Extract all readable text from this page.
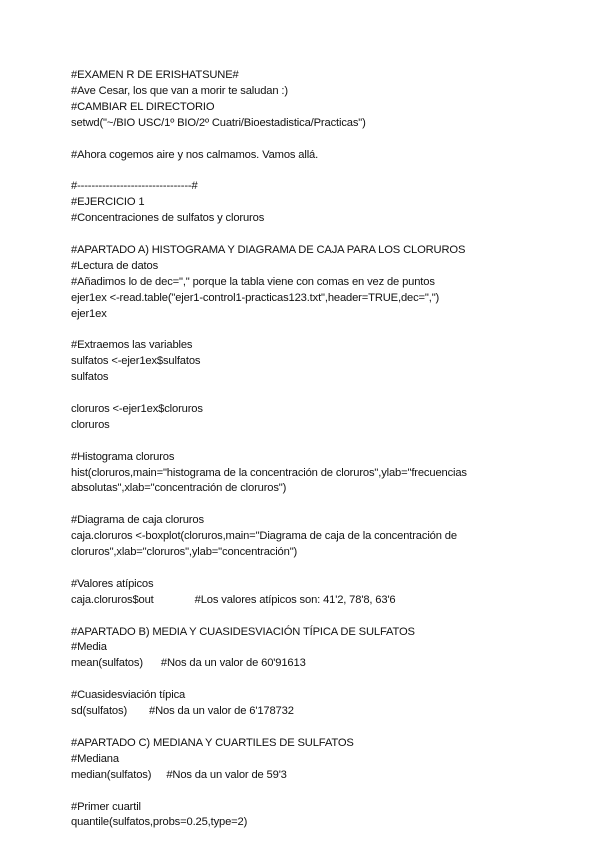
#EXAMEN R DE ERISHATSUNE#
#Ave Cesar, los que van a morir te saludan :)
#CAMBIAR EL DIRECTORIO
setwd("~/BIO USC/1º BIO/2º Cuatri/Bioestadistica/Practicas")
#Ahora cogemos aire y nos calmamos. Vamos allá.
#--------------------------------#
#EJERCICIO 1
#Concentraciones de sulfatos y cloruros
#APARTADO A) HISTOGRAMA Y DIAGRAMA DE CAJA PARA LOS CLORUROS
#Lectura de datos
#Añadimos lo de dec="," porque la tabla viene con comas en vez de puntos
ejer1ex <-read.table("ejer1-control1-practicas123.txt",header=TRUE,dec=",")
ejer1ex
#Extraemos las variables
sulfatos <-ejer1ex$sulfatos
sulfatos
cloruros <-ejer1ex$cloruros
cloruros
#Histograma cloruros
hist(cloruros,main="histograma de la concentración de cloruros",ylab="frecuencias absolutas",xlab="concentración de cloruros")
#Diagrama de caja cloruros
caja.cloruros <-boxplot(cloruros,main="Diagrama de caja de la concentración de cloruros",xlab="cloruros",ylab="concentración")
#Valores atípicos
caja.cloruros$out	#Los valores atípicos son: 41'2, 78'8, 63'6
#APARTADO B) MEDIA Y CUASIDESVIACIÓN TÍPICA DE SULFATOS
#Media
mean(sulfatos) #Nos da un valor de 60'91613
#Cuasidesviación típica
sd(sulfatos) #Nos da un valor de 6'178732
#APARTADO C) MEDIANA Y CUARTILES DE SULFATOS
#Mediana
median(sulfatos) #Nos da un valor de 59'3
#Primer cuartil
quantile(sulfatos,probs=0.25,type=2)
